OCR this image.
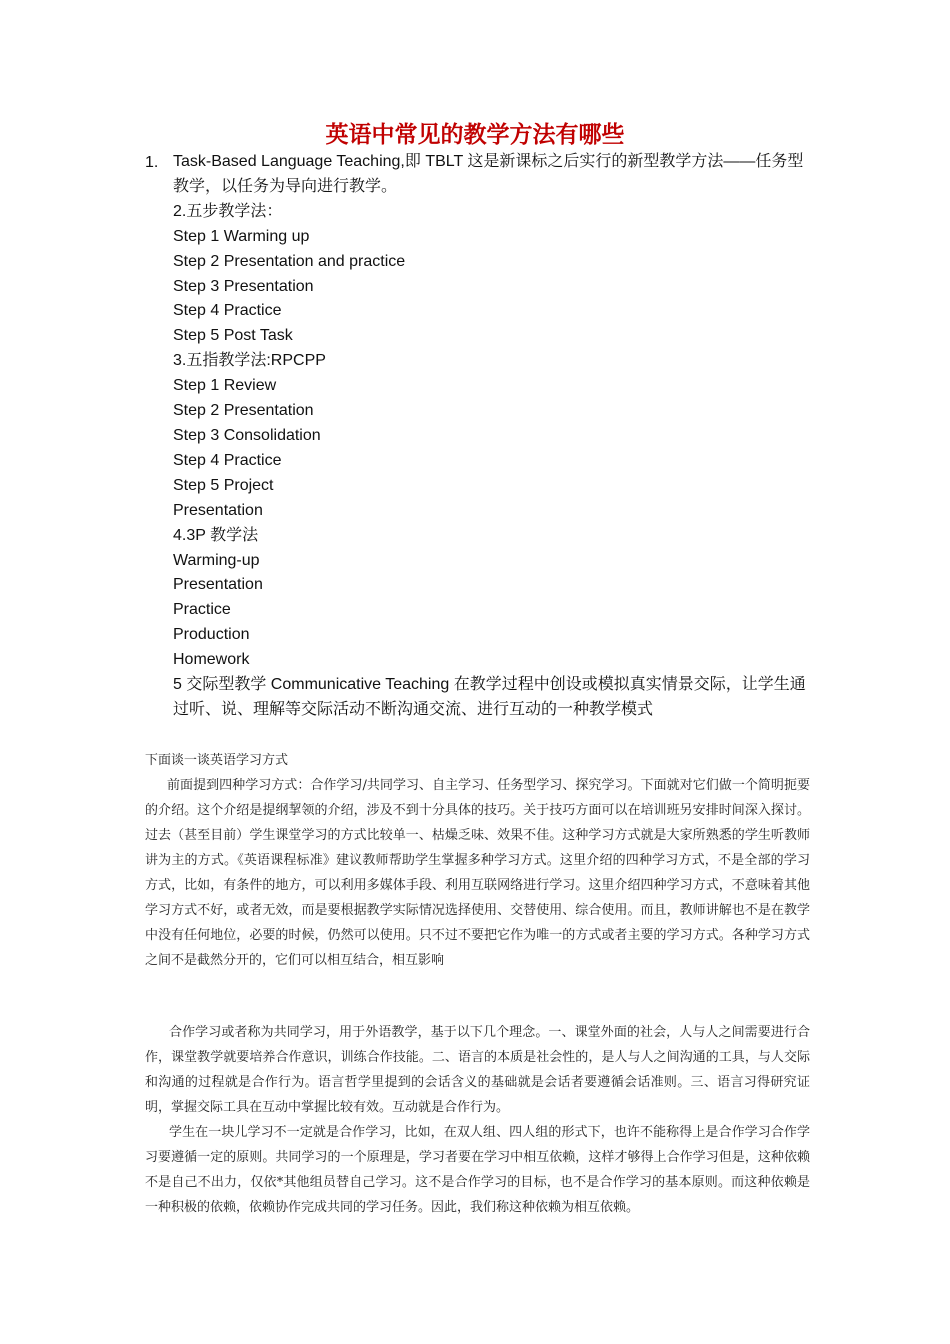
英语中常见的教学方法有哪些
1. Task-Based Language Teaching,即 TBLT 这是新课标之后实行的新型教学方法——任务型教学，以任务为导向进行教学。

2.五步教学法：

Step 1 Warming up

Step 2 Presentation and practice

Step 3 Presentation

Step 4 Practice

Step 5 Post Task

3.五指教学法:RPCPP

Step 1 Review

Step 2 Presentation

Step 3 Consolidation

Step 4 Practice

Step 5 Project

Presentation

4.3P 教学法

Warming-up

Presentation

Practice

Production

Homework

5 交际型教学 Communicative Teaching 在教学过程中创设或模拟真实情景交际，让学生通过听、说、理解等交际活动不断沟通交流、进行互动的一种教学模式

下面谈一谈英语学习方式

前面提到四种学习方式：合作学习/共同学习、自主学习、任务型学习、探究学习。下面就对它们做一个简明扼要的介绍。这个介绍是提纲挈领的介绍，涉及不到十分具体的技巧。关于技巧方面可以在培训班另安排时间深入探讨。过去（甚至目前）学生课堂学习的方式比较单一、枯燥乏味、效果不佳。这种学习方式就是大家所熟悉的学生听教师讲为主的方式。《英语课程标准》建议教师帮助学生掌握多种学习方式。这里介绍的四种学习方式，不是全部的学习方式，比如，有条件的地方，可以利用多媒体手段、利用互联网络进行学习。这里介绍四种学习方式，不意味着其他学习方式不好，或者无效，而是要根据教学实际情况选择使用、交替使用、综合使用。而且，教师讲解也不是在教学中没有任何地位，必要的时候，仍然可以使用。只不过不要把它作为唯一的方式或者主要的学习方式。各种学习方式之间不是截然分开的，它们可以相互结合，相互影响

合作学习或者称为共同学习，用于外语教学，基于以下几个理念。一、课堂外面的社会，人与人之间需要进行合作，课堂教学就要培养合作意识，训练合作技能。二、语言的本质是社会性的，是人与人之间沟通的工具，与人交际和沟通的过程就是合作行为。语言哲学里提到的会话含义的基础就是会话者要遵循会话准则。三、语言习得研究证明，掌握交际工具在互动中掌握比较有效。互动就是合作行为。

学生在一块儿学习不一定就是合作学习，比如，在双人组、四人组的形式下，也许不能称得上是合作学习合作学习要遵循一定的原则。共同学习的一个原理是，学习者要在学习中相互依赖，这样才够得上合作学习但是，这种依赖不是自己不出力，仅依*其他组员替自己学习。这不是合作学习的目标，也不是合作学习的基本原则。而这种依赖是一种积极的依赖，依赖协作完成共同的学习任务。因此，我们称这种依赖为相互依赖。
